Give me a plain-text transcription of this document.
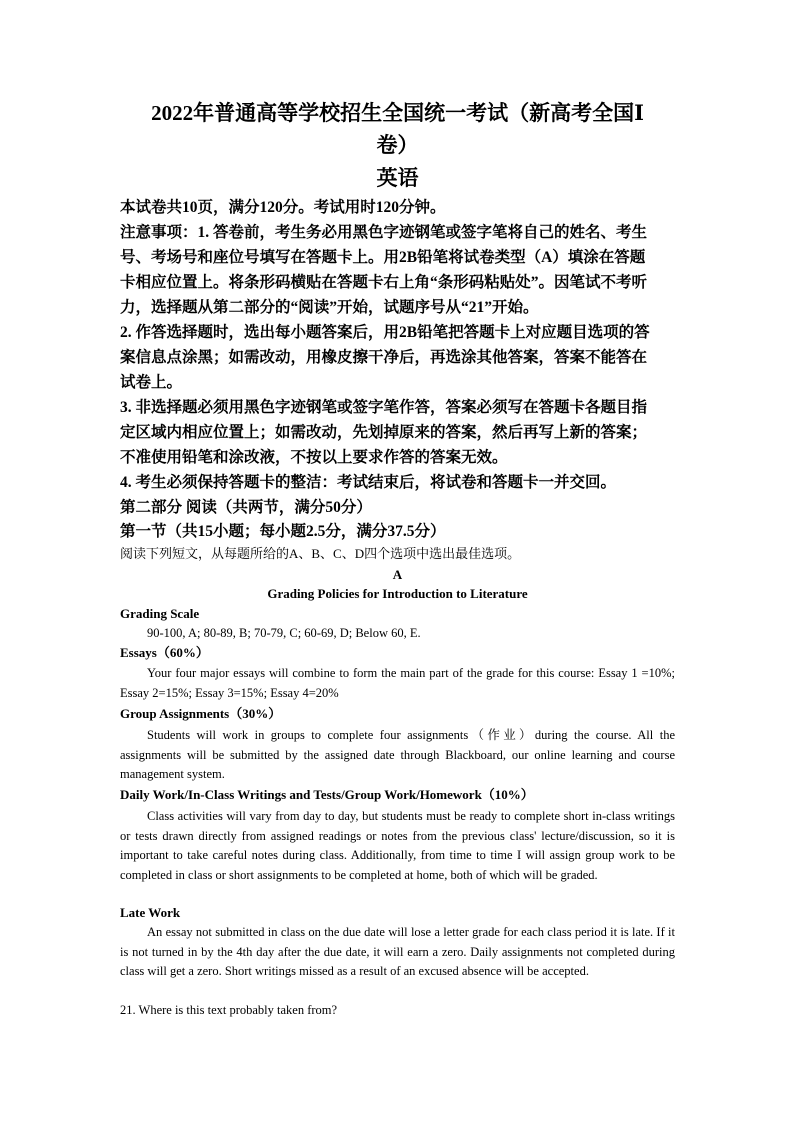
2022年普通高等学校招生全国统一考试（新高考全国Ⅰ
卷）
英语
本试卷共10页，满分120分。考试用时120分钟。
注意事项：1. 答卷前，考生务必用黑色字迹钢笔或签字笔将自己的姓名、考生
号、考场号和座位号填写在答题卡上。用2B铅笔将试卷类型（A）填涂在答题
卡相应位置上。将条形码横贴在答题卡右上角“条形码粘贴处”。因笔试不考听
力，选择题从第二部分的“阅读”开始，试题序号从“21”开始。
2. 作答选择题时，选出每小题答案后，用2B铅笔把答题卡上对应题目选项的答
案信息点涂黑；如需改动，用橡皮擦干净后，再选涂其他答案，答案不能答在
试卷上。
3. 非选择题必须用黑色字迹钢笔或签字笔作答，答案必须写在答题卡各题目指
定区域内相应位置上；如需改动，先划掉原来的答案，然后再写上新的答案；
不准使用铅笔和涂改液，不按以上要求作答的答案无效。
4. 考生必须保持答题卡的整洁：考试结束后，将试卷和答题卡一并交回。
第二部分 阅读（共两节，满分50分）
第一节（共15小题；每小题2.5分，满分37.5分）
阅读下列短文，从每题所给的A、B、C、D四个选项中选出最佳选项。
A
Grading Policies for Introduction to Literature
Grading Scale
90-100, A; 80-89, B; 70-79, C; 60-69, D; Below 60, E.
Essays（60%）
Your four major essays will combine to form the main part of the grade for this course: Essay 1 =10%; Essay 2=15%; Essay 3=15%; Essay 4=20%
Group Assignments（30%）
Students will work in groups to complete four assignments（作业）during the course. All the assignments will be submitted by the assigned date through Blackboard, our online learning and course management system.
Daily Work/In-Class Writings and Tests/Group Work/Homework（10%）
Class activities will vary from day to day, but students must be ready to complete short in-class writings or tests drawn directly from assigned readings or notes from the previous class' lecture/discussion, so it is important to take careful notes during class. Additionally, from time to time I will assign group work to be completed in class or short assignments to be completed at home, both of which will be graded.
Late Work
An essay not submitted in class on the due date will lose a letter grade for each class period it is late. If it is not turned in by the 4th day after the due date, it will earn a zero. Daily assignments not completed during class will get a zero. Short writings missed as a result of an excused absence will be accepted.
21. Where is this text probably taken from?
